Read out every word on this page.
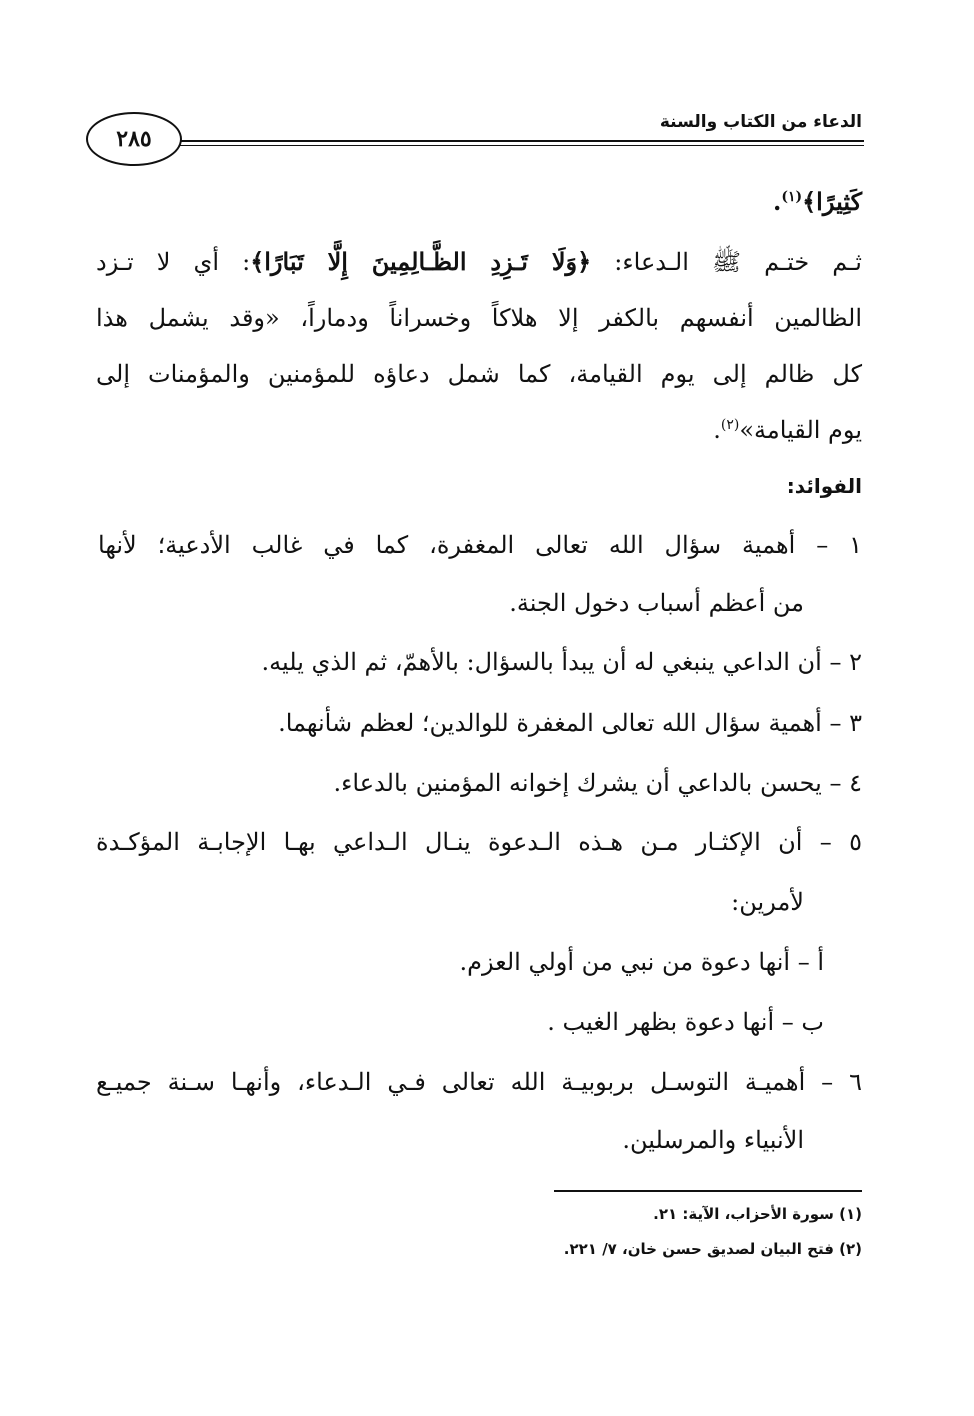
الدعاء من الكتاب والسنة
٢٨٥
كَثِيرًا﴾$^{(١)}$.
ثـم ختـم ﷺ الـدعاء: ﴿وَلَا تَـزِدِ الظَّـالِمِينَ إِلَّا تَبَارًا﴾: أي لا تـزد
الظالمين أنفسهم بالكفر إلا هلاكاً وخسراناً ودماراً، «وقد يشمل هذا
كل ظالم إلى يوم القيامة، كما شمل دعاؤه للمؤمنين والمؤمنات إلى
يوم القيامة»$^{(٢)}$.
الفوائد:
١ – أهمية سؤال الله تعالى المغفرة، كما في غالب الأدعية؛ لأنها
من أعظم أسباب دخول الجنة.
٢ – أن الداعي ينبغي له أن يبدأ بالسؤال: بالأهمّ، ثم الذي يليه.
٣ – أهمية سؤال الله تعالى المغفرة للوالدين؛ لعظم شأنهما.
٤ – يحسن بالداعي أن يشرك إخوانه المؤمنين بالدعاء.
٥ – أن الإكثـار مـن هـذه الـدعوة ينـال الـداعي بهـا الإجابـة المؤكـدة
لأمرين:
أ – أنها دعوة من نبي من أولي العزم.
ب – أنها دعوة بظهر الغيب .
٦ – أهميـة التوسـل بربوبيـة الله تعالى فـي الـدعاء، وأنهـا سـنة جميـع
الأنبياء والمرسلين.
(١) سورة الأحزاب، الآية: ٢١.
(٢) فتح البيان لصديق حسن خان، ٧/ ٢٢١.
